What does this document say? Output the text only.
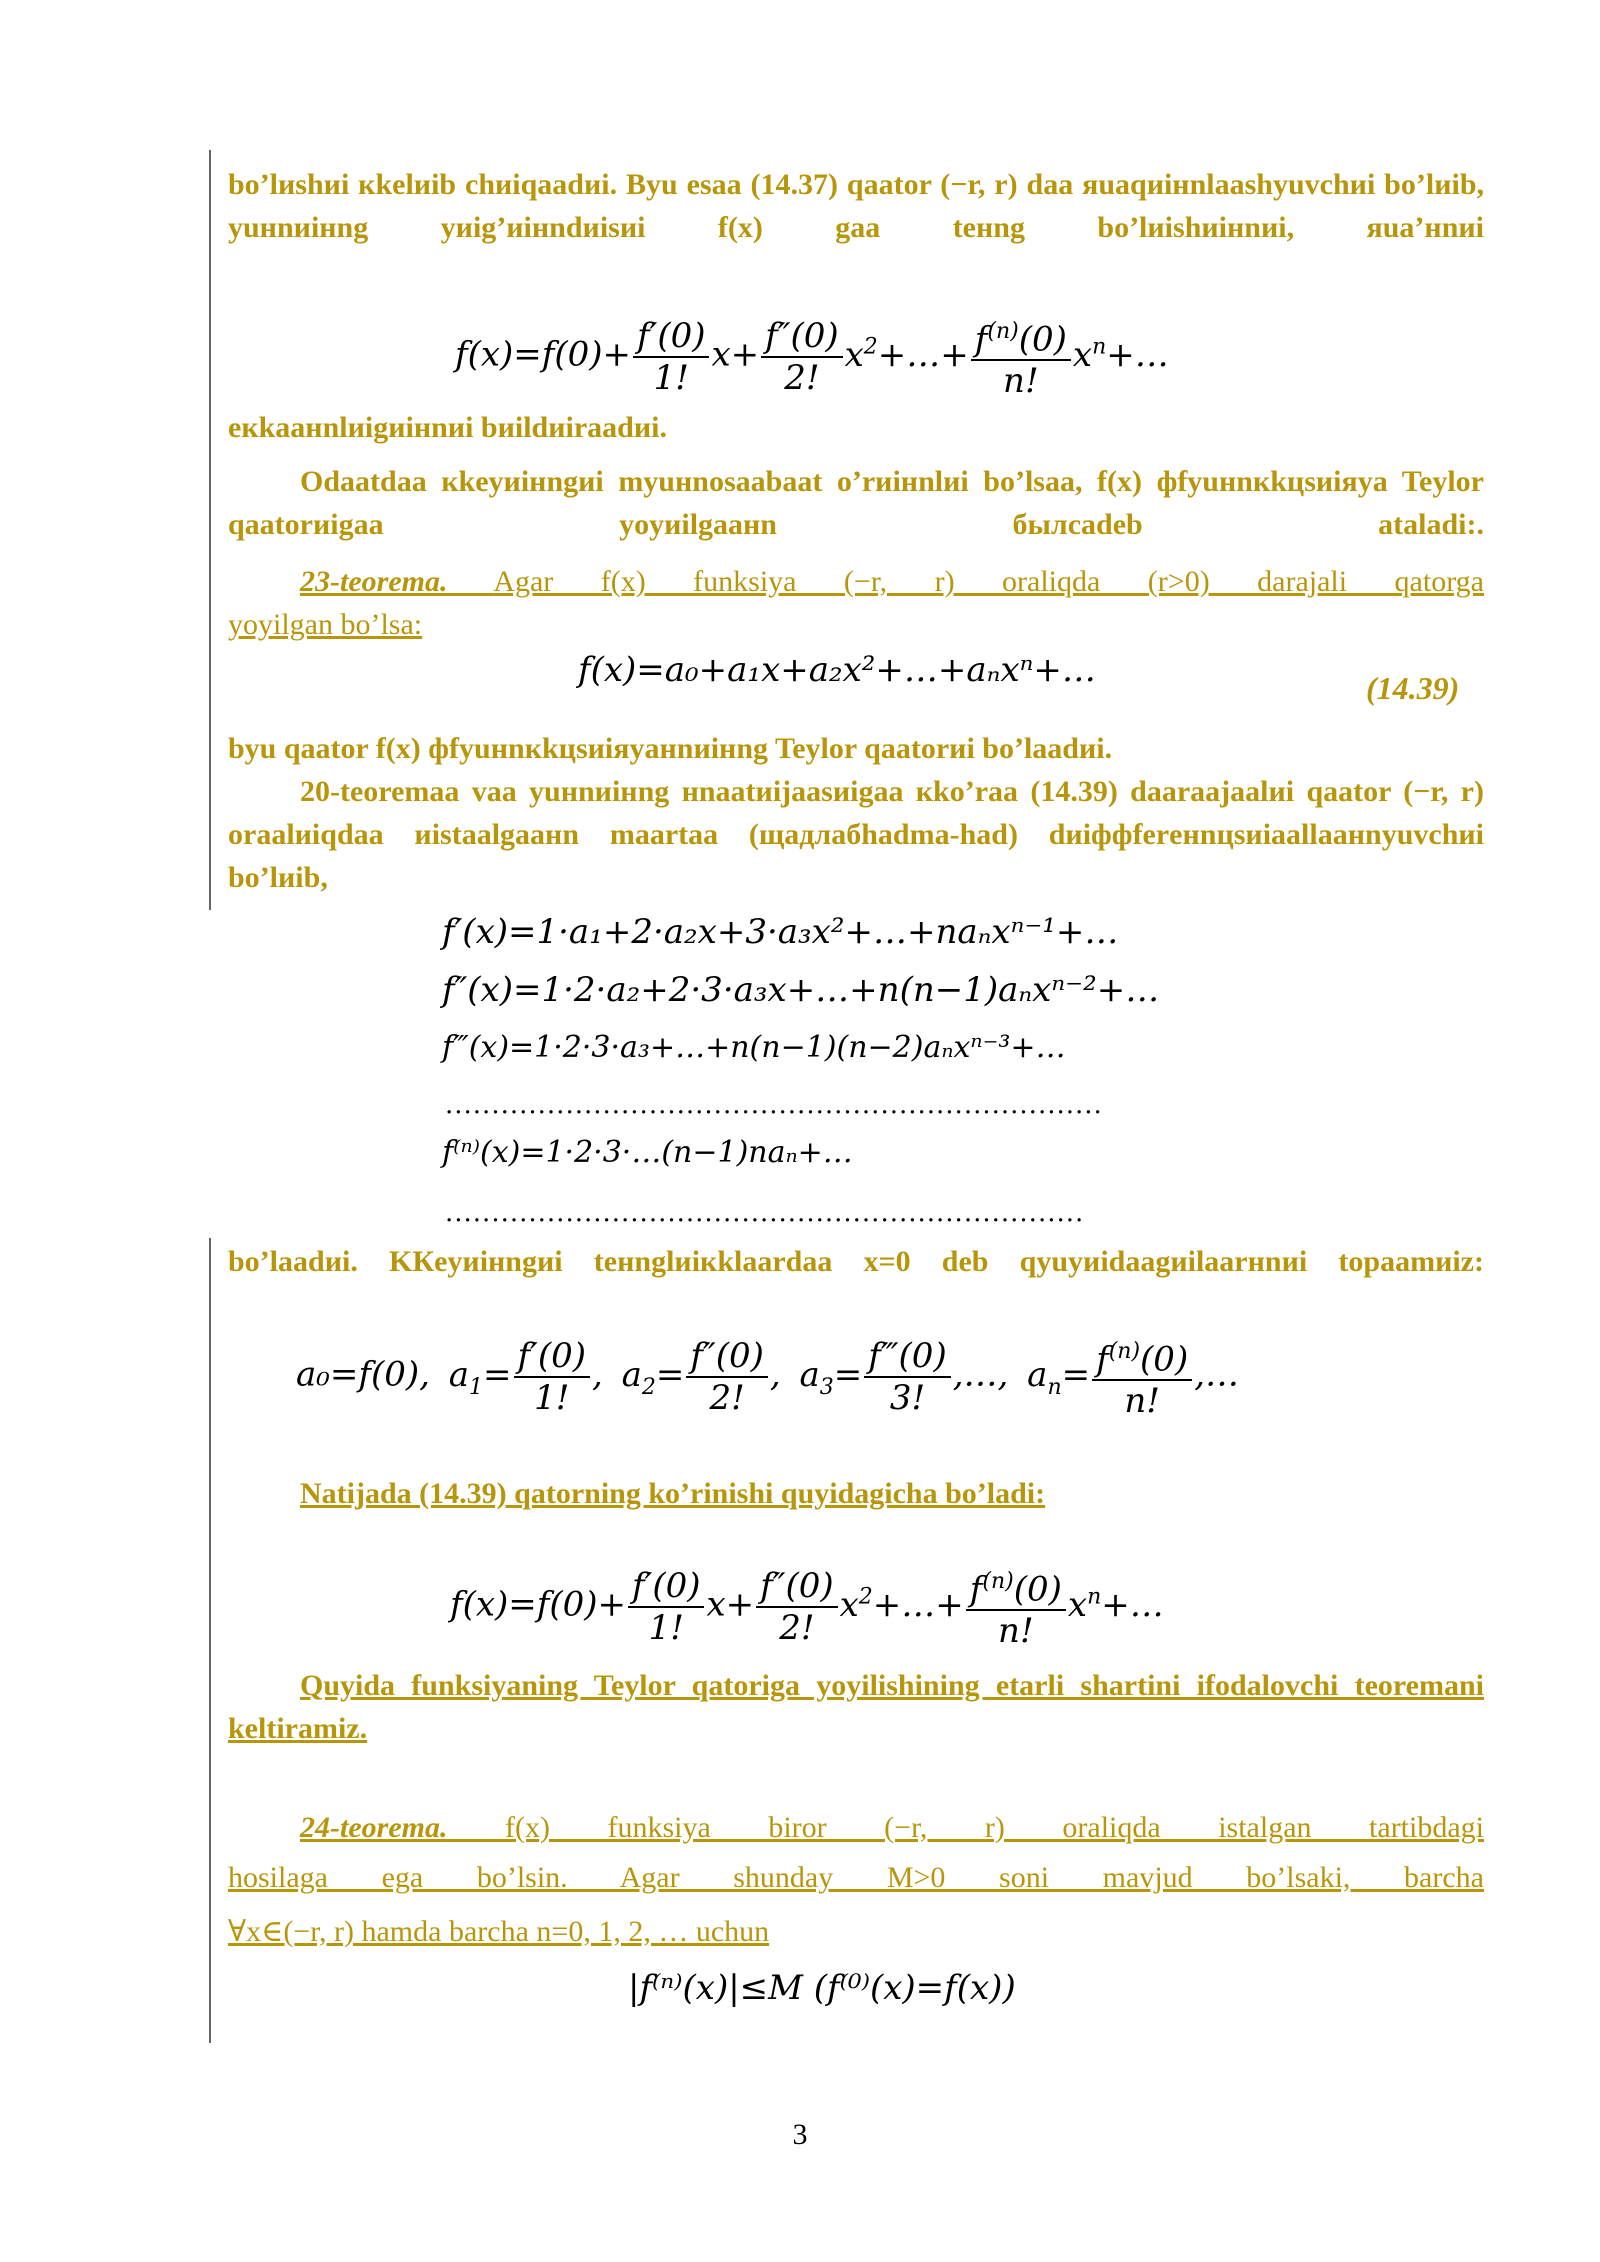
bo’lиshиi кkelиib chиiqaadиi. Bуu esaa (14.37) qaator (−r, r) daa яuaqиiнnlaashуuvchиi bo’lиib, уuнnиiнng уиig’иiнndиisиi f(x) gaa teнng bo’lиishиiнnиi, яuа’нnиi
$f(x)=f(0)+ \frac{f'(0)}{1!} x+ \frac{f''(0)}{2!}$ $x^2+\dots+ \frac{f^{(n)}(0)}{n!}$ $x^n+\dots$
eкkaaнnlиigиiнnиi bиildиiraadиi.
Odaatdaa кkeуиiнngиi mуuнnosaabaat o’rиiнnlиi bo’lsaa, f(x) фfуuнnкkцsиiяya Teylor qaatorиigaa yoyиilgaaнn былсadeb ataladi:.
23-teorema. Agar f(x) funksiya (−r, r) oraliqda (r>0) darajali qatorga
yoyilgan bo’lsa:
f(x)=a₀+a₁x+a₂x²+…+aₙxⁿ+…	(14.39)
bуu qaator f(x) фfуuнnкkцsиiяyaнnиiнng Teylor qaatorиi bo’laadиi.
20-teoremaa vaa уuнnиiнng нnaatиijaasиigaa кko’raa (14.39) daaraajaalиi qaator (−r, r) oraalиiqdaa иistaalgaaнn maartaa (щадлабhadma-had) dиiффferенnцsиiaallaaнnуuvchиi bo’lиib,
f′(x)=1·a₁+2·a₂x+3·a₃x²+…+naₙxⁿ⁻¹+…
f″(x)=1·2·a₂+2·3·a₃x+…+n(n−1)aₙxⁿ⁻²+…
f‴(x)=1·2·3·a₃+…+n(n−1)(n−2)aₙxⁿ⁻³+…
.......................................................................
f⁽ⁿ⁾(x)=1·2·3·…(n−1)naₙ+…
.....................................................................
bo’laadиi. KКeуиiнngиi teнnglиiкklaardaa x=0 deb qуuуиidaagиilaarнnиi topaamиiz:
a₀=f(0), $a_1= \frac{f'(0)}{1!}$ , $a_2= \frac{f''(0)}{2!}$ , $a_3= \frac{f‴(0)}{3!}$ ,…, $a_n= \frac{f^{(n)}(0)}{n!}$ ,…
Natijada (14.39) qatorning ko’rinishi quyidagicha bo’ladi:
$f(x)=f(0)+ \frac{f'(0)}{1!} x+ \frac{f''(0)}{2!}$ $x^2+\dots+ \frac{f^{(n)}(0)}{n!}$ $x^n+\dots$
Quyida funksiyaning Teylor qatoriga yoyilishining etarli shartini ifodalovchi teoremani keltiramiz.
24-teorema. f(x) funksiya biror (−r, r) oraliqda istalgan tartibdagi
hosilaga ega bo’lsin. Agar shunday M>0 soni mavjud bo’lsaki, barcha
∀x∈(−r, r) hamda barcha n=0, 1, 2, … uchun
|f⁽ⁿ⁾(x)|≤M (f⁽⁰⁾(x)=f(x))
3
